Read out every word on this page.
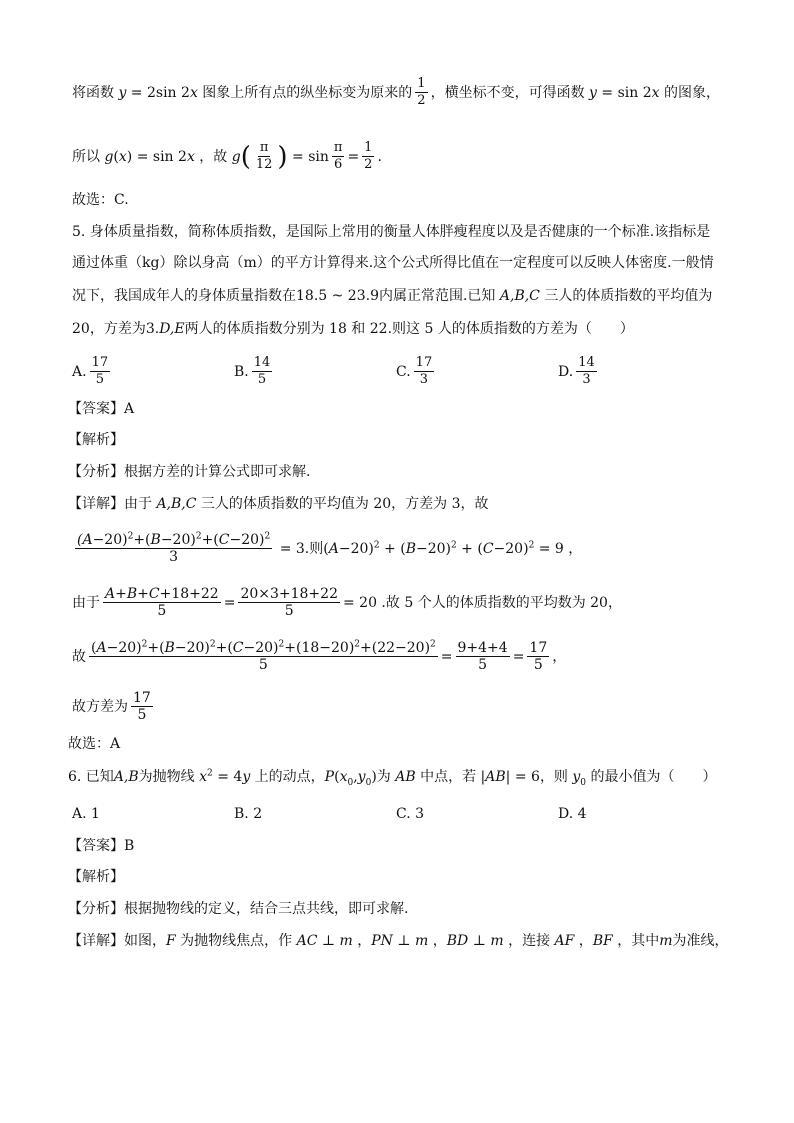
将函数 y = 2sin 2x 图象上所有点的纵坐标变为原来的 $\frac{1}{2}$ ，横坐标不变，可得函数 y = sin 2x 的图象，
所以 g(x) = sin 2x ，故 g ( $\frac{\pi}{12}$ ) = $\sin \frac{\pi}{6} = \frac{1}{2}$ .
故选：C.
5. 身体质量指数，简称体质指数，是国际上常用的衡量人体胖瘦程度以及是否健康的一个标准.该指标是
通过体重（kg）除以身高（m）的平方计算得来.这个公式所得比值在一定程度可以反映人体密度.一般情
况下，我国成年人的身体质量指数在 18.5 ~ 23.9 内属正常范围.已知 A,B,C 三人的体质指数的平均值为
20，方差为 3.D,E 两人的体质指数分别为 18 和 22.则这 5 人的体质指数的方差为（　　）
A. $\frac{17}{5}$	B. $\frac{14}{5}$	C. $\frac{17}{3}$	D. $\frac{14}{3}$
【答案】A
【解析】
【分析】根据方差的计算公式即可求解.
【详解】由于 A,B,C 三人的体质指数的平均值为 20，方差为 3，故
$\frac{(A-20)^2+(B-20)^2+(C-20)^2}{3} = 3$. 则 $(A-20)^2 + (B-20)^2 + (C-20)^2 = 9$ ，
由于 $\frac{A+B+C+18+22}{5} = \frac{20\times 3+18+22}{5} = 20$ . 故 5 个人的体质指数的平均数为 20，
故 $\frac{(A-20)^2+(B-20)^2+(C-20)^2+(18-20)^2+(22-20)^2}{5} = \frac{9+4+4}{5} = \frac{17}{5}$ ，
故方差为 $\frac{17}{5}$
故选：A
6. 已知 A,B 为抛物线 $x^2 = 4y$ 上的动点， $P(x_0,y_0)$ 为 AB 中点，若 |AB| = 6 ，则 $y_0$ 的最小值为（　　）
A. 1	B. 2	C. 3	D. 4
【答案】B
【解析】
【分析】根据抛物线的定义，结合三点共线，即可求解.
【详解】如图， F 为抛物线焦点，作 AC ⊥ m ，PN ⊥ m ，BD ⊥ m ，连接 AF ，BF ，其中 m 为准线，
